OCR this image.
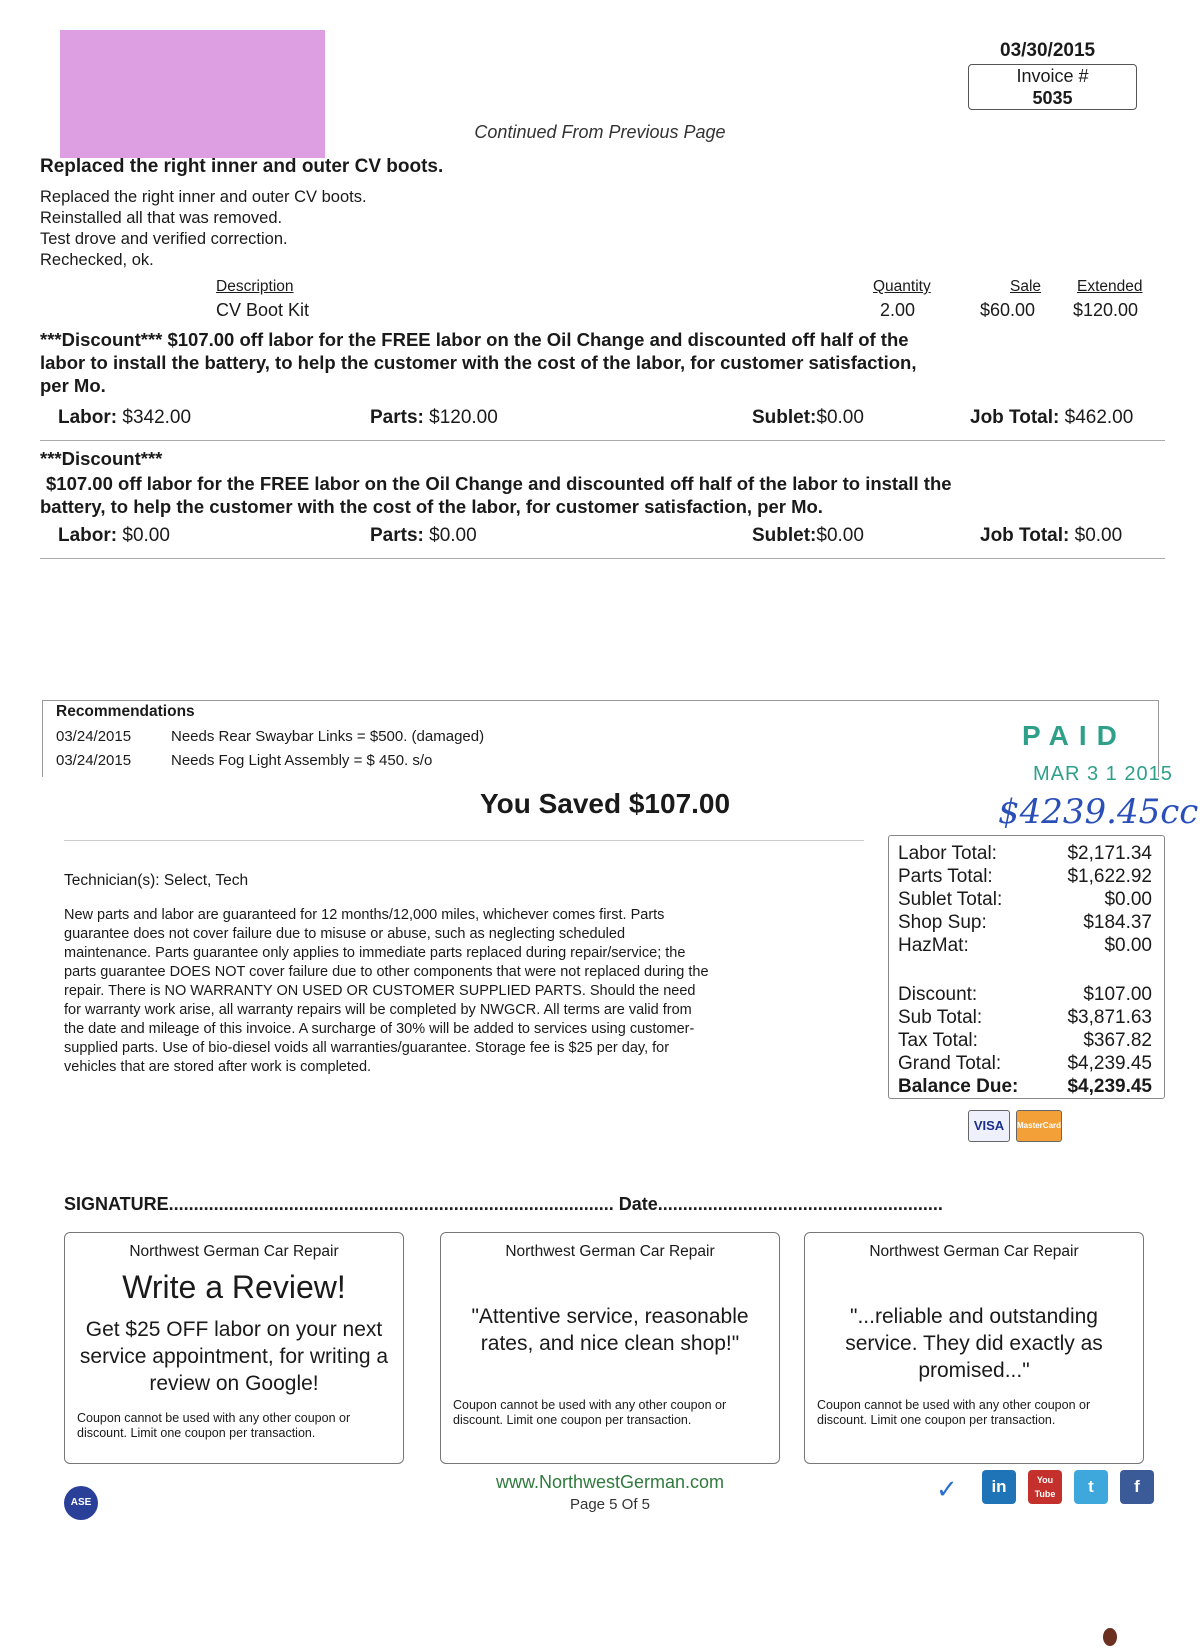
03/30/2015
Invoice #
5035
Continued From Previous Page
Replaced the right inner and outer CV boots.
Replaced the right inner and outer CV boots.
Reinstalled all that was removed.
Test drove and verified correction.
Rechecked, ok.
Description	Quantity	Sale Extended
CV Boot Kit	2.00	$60.00 $120.00
***Discount*** $107.00 off labor for the FREE labor on the Oil Change and discounted off half of the
labor to install the battery, to help the customer with the cost of the labor, for customer satisfaction,
per Mo.
Labor: $342.00	Parts: $120.00	Sublet:$0.00	Job Total: $462.00
***Discount***
$107.00 off labor for the FREE labor on the Oil Change and discounted off half of the labor to install the
battery, to help the customer with the cost of the labor, for customer satisfaction, per Mo.
Labor: $0.00	Parts: $0.00	Sublet:$0.00	Job Total: $0.00
Recommendations
03/24/2015	Needs Rear Swaybar Links = $500. (damaged)
03/24/2015	Needs Fog Light Assembly = $ 450. s/o
PAID
MAR 3 1 2015
$4239.45cc
You Saved $107.00
Labor Total:	$2,171.34
Parts Total:	$1,622.92
Sublet Total:	$0.00
Shop Sup:	$184.37
HazMat:	$0.00
Discount:	$107.00
Sub Total:	$3,871.63
Tax Total:	$367.82
Grand Total:	$4,239.45
Balance Due:	$4,239.45
VISA	MasterCard
Technician(s): Select, Tech
New parts and labor are guaranteed for 12 months/12,000 miles, whichever comes first. Parts guarantee does not cover failure due to misuse or abuse, such as neglecting scheduled maintenance. Parts guarantee only applies to immediate parts replaced during repair/service; the parts guarantee DOES NOT cover failure due to other components that were not replaced during the repair. There is NO WARRANTY ON USED OR CUSTOMER SUPPLIED PARTS. Should the need for warranty work arise, all warranty repairs will be completed by NWGCR. All terms are valid from the date and mileage of this invoice. A surcharge of 30% will be added to services using customer-supplied parts. Use of bio-diesel voids all warranties/guarantee. Storage fee is $25 per day, for vehicles that are stored after work is completed.
SIGNATURE......................................................................................... Date.........................................................
Northwest German Car Repair
Write a Review!
Get $25 OFF labor on your next service appointment, for writing a review on Google!
Coupon cannot be used with any other coupon or discount. Limit one coupon per transaction.
Northwest German Car Repair
"Attentive service, reasonable rates, and nice clean shop!"
Coupon cannot be used with any other coupon or discount. Limit one coupon per transaction.
Northwest German Car Repair
"...reliable and outstanding service. They did exactly as promised..."
Coupon cannot be used with any other coupon or discount. Limit one coupon per transaction.
ASE
www.NorthwestGerman.com
Page 5 Of 5
✓	in	You Tube	t	f
